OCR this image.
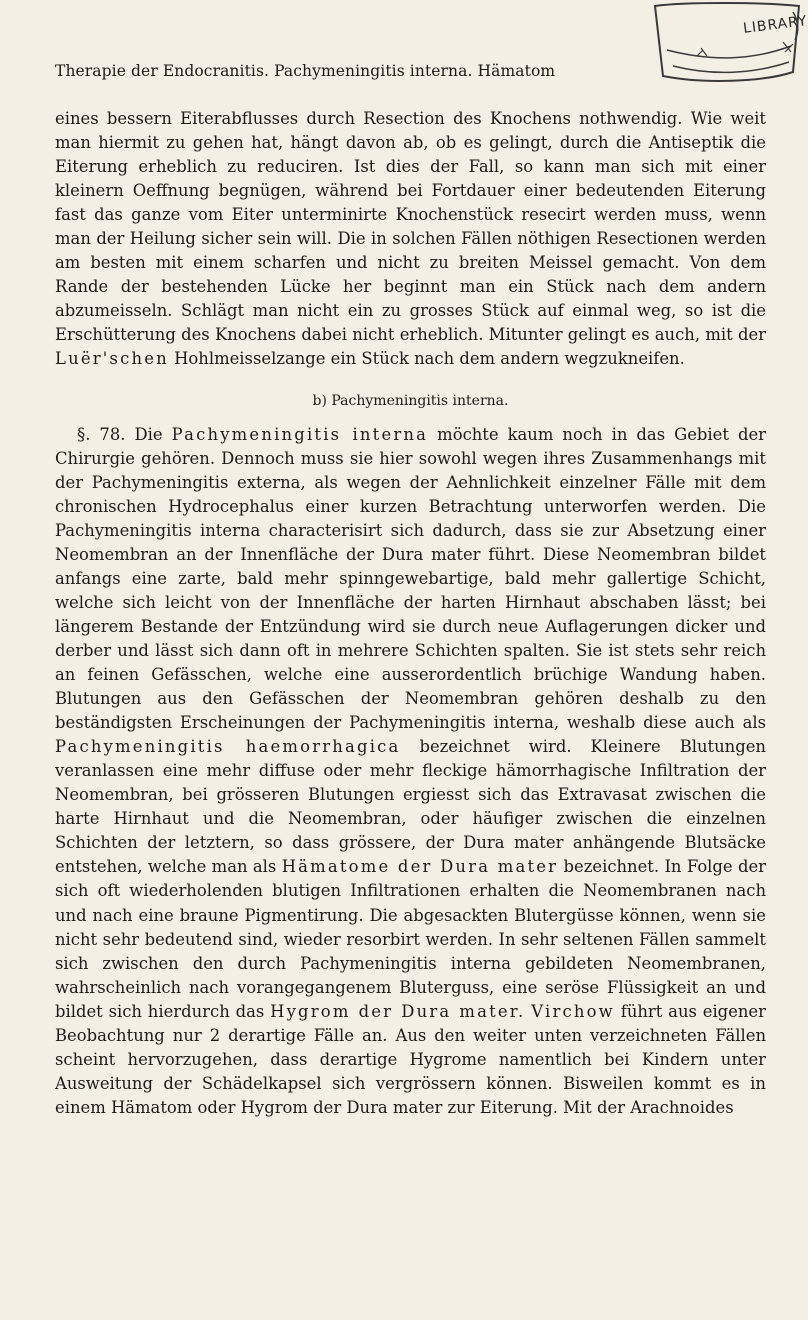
Therapie der Endocranitis. Pachymeningitis interna. Hämatom
LIBRARY

eines bessern Eiterabflusses durch Resection des Knochens nothwendig. Wie weit man hiermit zu gehen hat, hängt davon ab, ob es gelingt, durch die Antiseptik die Eiterung erheblich zu reduciren. Ist dies der Fall, so kann man sich mit einer kleinern Oeffnung begnügen, während bei Fortdauer einer bedeutenden Eiterung fast das ganze vom Eiter unterminirte Knochenstück resecirt werden muss, wenn man der Heilung sicher sein will. Die in solchen Fällen nöthigen Resectionen werden am besten mit einem scharfen und nicht zu breiten Meissel gemacht. Von dem Rande der bestehenden Lücke her beginnt man ein Stück nach dem andern abzumeisseln. Schlägt man nicht ein zu grosses Stück auf einmal weg, so ist die Erschütterung des Knochens dabei nicht erheblich. Mitunter gelingt es auch, mit der Luër'schen Hohlmeisselzange ein Stück nach dem andern wegzukneifen.

b) Pachymeningitis interna.

§. 78. Die Pachymeningitis interna möchte kaum noch in das Gebiet der Chirurgie gehören. Dennoch muss sie hier sowohl wegen ihres Zusammenhangs mit der Pachymeningitis externa, als wegen der Aehnlichkeit einzelner Fälle mit dem chronischen Hydrocephalus einer kurzen Betrachtung unterworfen werden. Die Pachymeningitis interna characterisirt sich dadurch, dass sie zur Absetzung einer Neomembran an der Innenfläche der Dura mater führt. Diese Neomembran bildet anfangs eine zarte, bald mehr spinngewebartige, bald mehr gallertige Schicht, welche sich leicht von der Innenfläche der harten Hirnhaut abschaben lässt; bei längerem Bestande der Entzündung wird sie durch neue Auflagerungen dicker und derber und lässt sich dann oft in mehrere Schichten spalten. Sie ist stets sehr reich an feinen Gefässchen, welche eine ausserordentlich brüchige Wandung haben. Blutungen aus den Gefässchen der Neomembran gehören deshalb zu den beständigsten Erscheinungen der Pachymeningitis interna, weshalb diese auch als Pachymeningitis haemorrhagica bezeichnet wird. Kleinere Blutungen veranlassen eine mehr diffuse oder mehr fleckige hämorrhagische Infiltration der Neomembran, bei grösseren Blutungen ergiesst sich das Extravasat zwischen die harte Hirnhaut und die Neomembran, oder häufiger zwischen die einzelnen Schichten der letztern, so dass grössere, der Dura mater anhängende Blutsäcke entstehen, welche man als Hämatome der Dura mater bezeichnet. In Folge der sich oft wiederholenden blutigen Infiltrationen erhalten die Neomembranen nach und nach eine braune Pigmentirung. Die abgesackten Blutergüsse können, wenn sie nicht sehr bedeutend sind, wieder resorbirt werden. In sehr seltenen Fällen sammelt sich zwischen den durch Pachymeningitis interna gebildeten Neomembranen, wahrscheinlich nach vorangegangenem Bluterguss, eine seröse Flüssigkeit an und bildet sich hierdurch das Hygrom der Dura mater. Virchow führt aus eigener Beobachtung nur 2 derartige Fälle an. Aus den weiter unten verzeichneten Fällen scheint hervorzugehen, dass derartige Hygrome namentlich bei Kindern unter Ausweitung der Schädelkapsel sich vergrössern können. Bisweilen kommt es in einem Hämatom oder Hygrom der Dura mater zur Eiterung. Mit der Arachnoides
